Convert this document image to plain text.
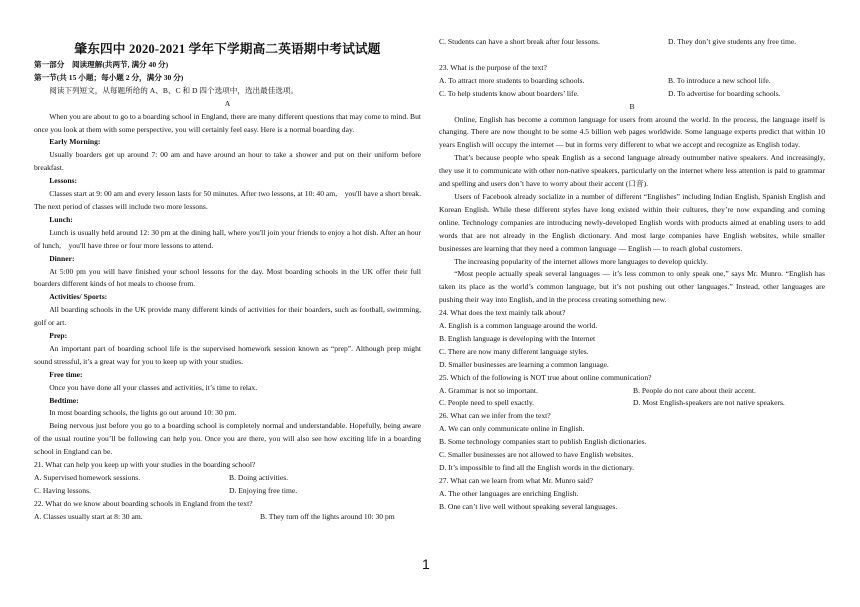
肇东四中 2020-2021 学年下学期高二英语期中考试试题

第一部分　阅读理解(共两节, 满分 40 分)

第一节(共 15 小题；每小题 2 分，满分 30 分)

阅读下列短文，从每题所给的 A、B、C 和 D 四个选项中，选出最佳选项。

A

When you are about to go to a boarding school in England, there are many different questions that may come to mind. But once you look at them with some perspective, you will certainly feel easy. Here is a normal boarding day.

Early Morning:

Usually boarders get up around 7: 00 am and have around an hour to take a shower and put on their uniform before breakfast.

Lessons:

Classes start at 9: 00 am and every lesson lasts for 50 minutes. After two lessons, at 10: 40 am,　you'll have a short break. The next period of classes will include two more lessons.

Lunch:

Lunch is usually held around 12: 30 pm at the dining hall, where you'll join your friends to enjoy a hot dish. After an hour of lunch,　you'll have three or four more lessons to attend.

Dinner:

At 5:00 pm you will have finished your school lessons for the day. Most boarding schools in the UK offer their full boarders different kinds of hot meals to choose from.

Activities/ Sports:

All boarding schools in the UK provide many different kinds of activities for their boarders, such as football, swimming, golf or art.

Prep:

An important part of boarding school life is the supervised homework session known as “prep”. Although prep might sound stressful, it’s a great way for you to keep up with your studies.

Free time:

Once you have done all your classes and activities, it’s time to relax.

Bedtime:

In most boarding schools, the lights go out around 10: 30 pm.

Being nervous just before you go to a boarding school is completely normal and understandable. Hopefully, being aware of the usual routine you’ll be following can help you. Once you are there, you will also see how exciting life in a boarding school in England can be.

21. What can help you keep up with your studies in the boarding school?

A. Supervised homework sessions.	B. Doing activities.
C. Having lessons.	D. Enjoying free time.

22. What do we know about boarding schools in England from the text?

A. Classes usually start at 8: 30 am.	B. They turn off the lights around 10: 30 pm
C. Students can have a short break after four lessons.	D. They don’t give students any free time.

23. What is the purpose of the text?

A. To attract more students to boarding schools.	B. To introduce a new school life.
C. To help students know about boarders’ life.	D. To advertise for boarding schools.

B

Online, English has become a common language for users from around the world. In the process, the language itself is changing. There are now thought to be some 4.5 billion web pages worldwide. Some language experts predict that within 10 years English will occupy the internet — but in forms very different to what we accept and recognize as English today.

That’s because people who speak English as a second language already outnumber native speakers. And increasingly, they use it to communicate with other non-native speakers, particularly on the internet where less attention is paid to grammar and spelling and users don’t have to worry about their accent (口音).

Users of Facebook already socialize in a number of different “Englishes” including Indian English, Spanish English and Korean English. While these different styles have long existed within their cultures, they’re now expanding and coming online. Technology companies are introducing newly-developed English words with products aimed at enabling users to add words that are not already in the English dictionary. And most large companies have English websites, while smaller businesses are learning that they need a common language — English — to reach global customers.

The increasing popularity of the internet allows more languages to develop quickly.

“Most people actually speak several languages — it’s less common to only speak one,” says Mr. Munro. “English has taken its place as the world’s common language, but it’s not pushing out other languages.” Instead, other languages are pushing their way into English, and in the process creating something new.

24. What does the text mainly talk about?

A. English is a common language around the world.

B. English language is developing with the Internet

C. There are now many different language styles.

D. Smaller businesses are learning a common language.

25. Which of the following is NOT true about online communication?

A. Grammar is not so important.	B. People do not care about their accent.
C. People need to spell exactly.	D. Most English-speakers are not native speakers.

26. What can we infer from the text?

A. We can only communicate online in English.

B. Some technology companies start to publish English dictionaries.

C. Smaller businesses are not allowed to have English websites.

D. It’s impossible to find all the English words in the dictionary.

27. What can we learn from what Mr. Munro said?

A. The other languages are enriching English.

B. One can’t live well without speaking several languages.

1
